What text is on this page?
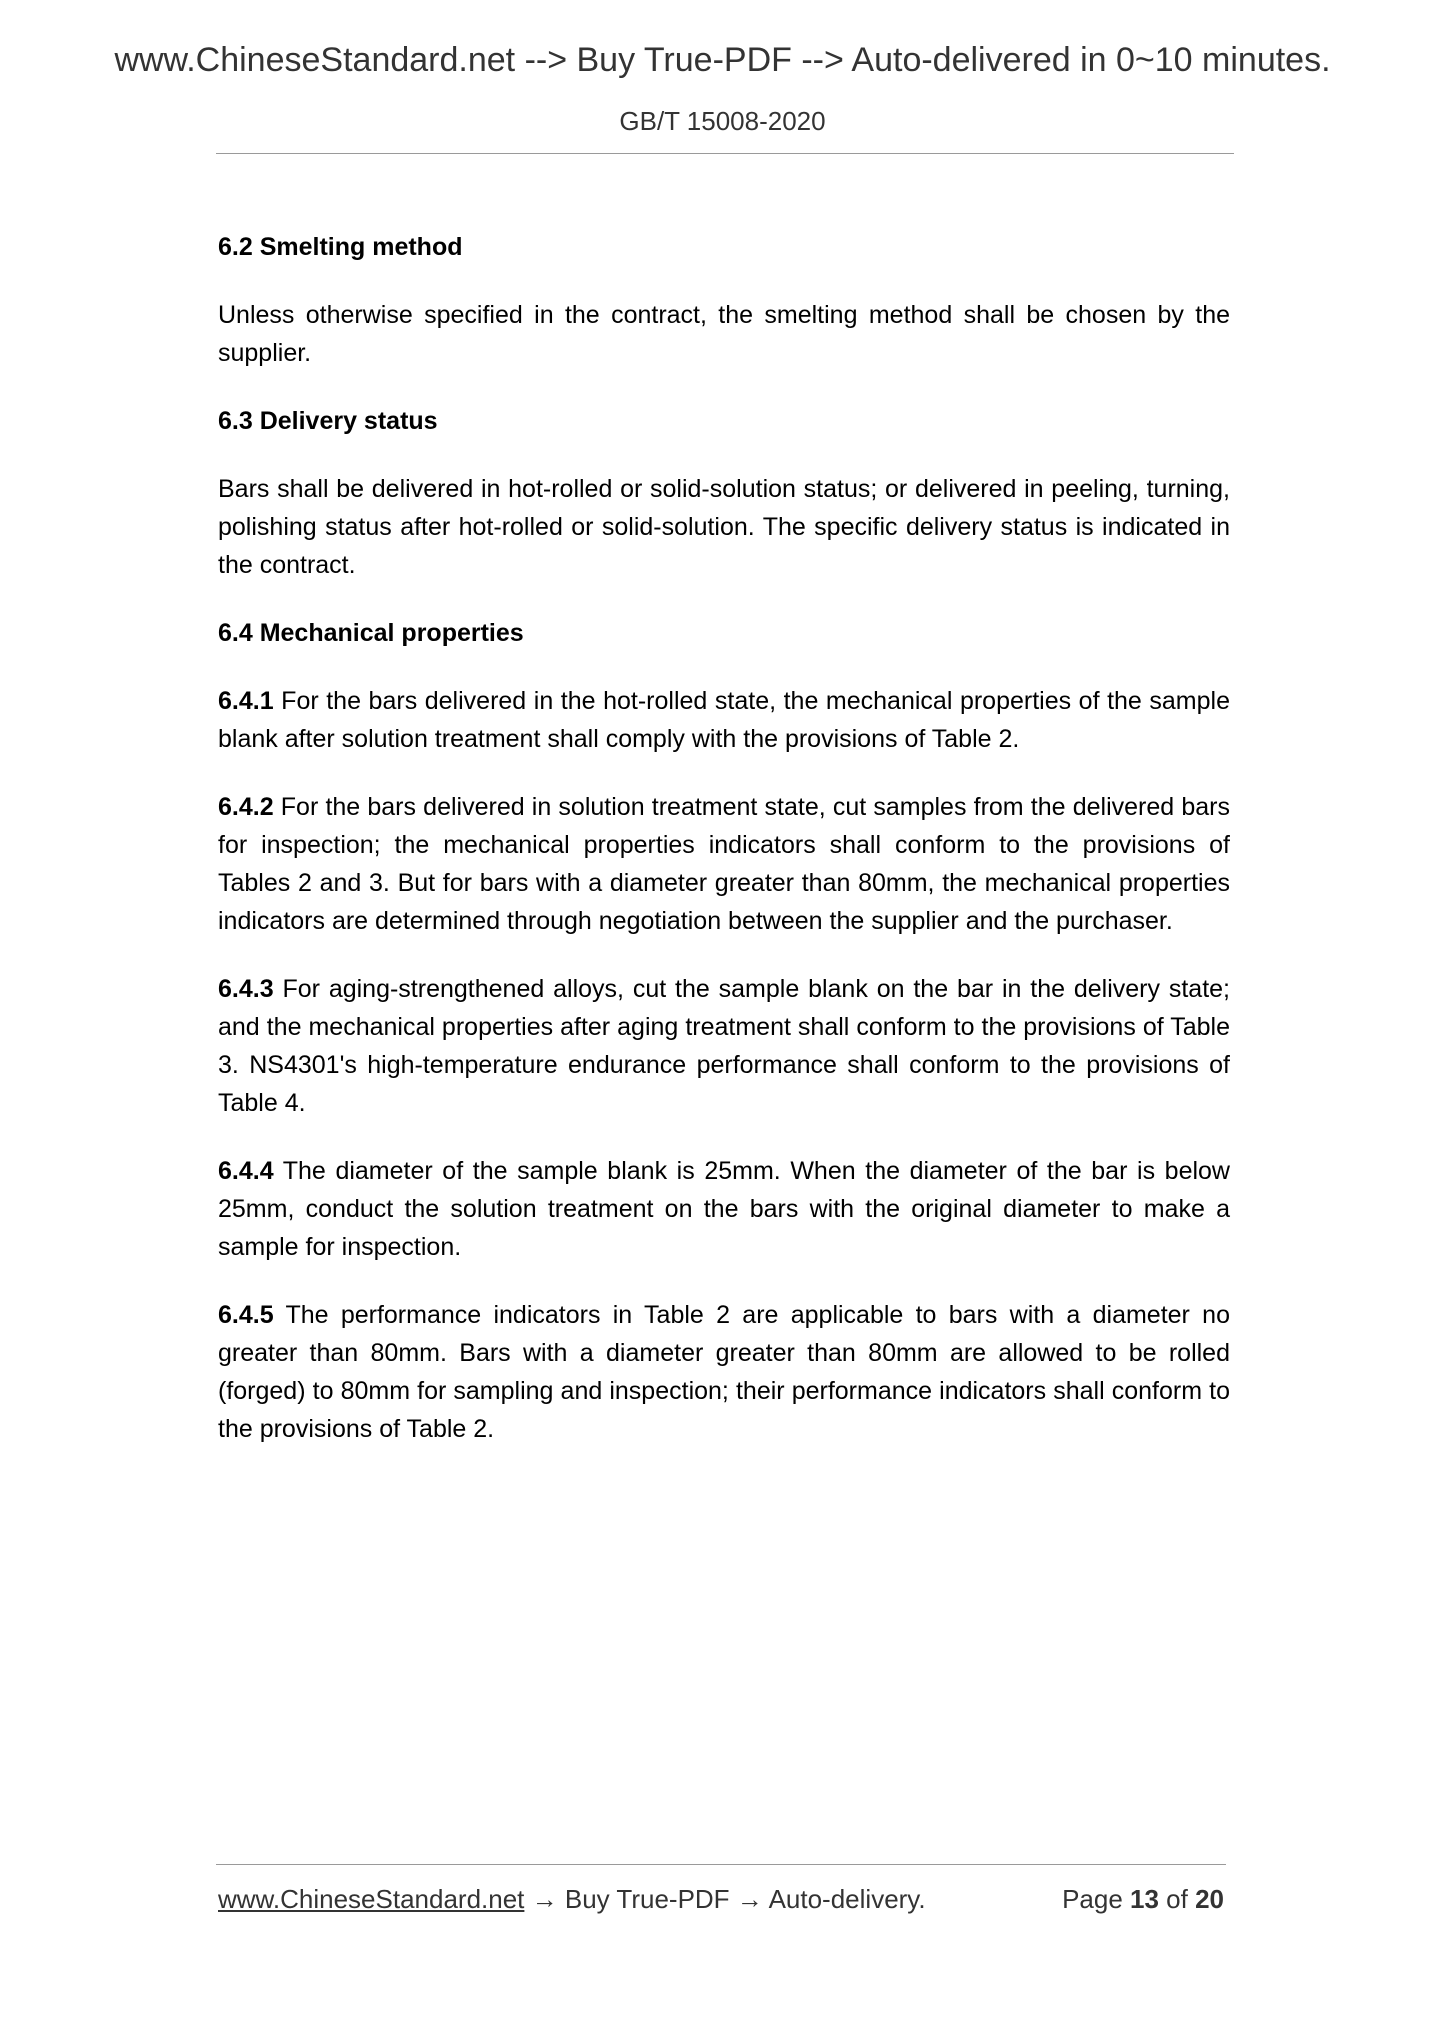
www.ChineseStandard.net --> Buy True-PDF --> Auto-delivered in 0~10 minutes.
GB/T 15008-2020
6.2 Smelting method
Unless otherwise specified in the contract, the smelting method shall be chosen by the supplier.
6.3 Delivery status
Bars shall be delivered in hot-rolled or solid-solution status; or delivered in peeling, turning, polishing status after hot-rolled or solid-solution. The specific delivery status is indicated in the contract.
6.4 Mechanical properties
6.4.1 For the bars delivered in the hot-rolled state, the mechanical properties of the sample blank after solution treatment shall comply with the provisions of Table 2.
6.4.2 For the bars delivered in solution treatment state, cut samples from the delivered bars for inspection; the mechanical properties indicators shall conform to the provisions of Tables 2 and 3. But for bars with a diameter greater than 80mm, the mechanical properties indicators are determined through negotiation between the supplier and the purchaser.
6.4.3 For aging-strengthened alloys, cut the sample blank on the bar in the delivery state; and the mechanical properties after aging treatment shall conform to the provisions of Table 3. NS4301's high-temperature endurance performance shall conform to the provisions of Table 4.
6.4.4 The diameter of the sample blank is 25mm. When the diameter of the bar is below 25mm, conduct the solution treatment on the bars with the original diameter to make a sample for inspection.
6.4.5 The performance indicators in Table 2 are applicable to bars with a diameter no greater than 80mm. Bars with a diameter greater than 80mm are allowed to be rolled (forged) to 80mm for sampling and inspection; their performance indicators shall conform to the provisions of Table 2.
www.ChineseStandard.net → Buy True-PDF → Auto-delivery.	Page 13 of 20
